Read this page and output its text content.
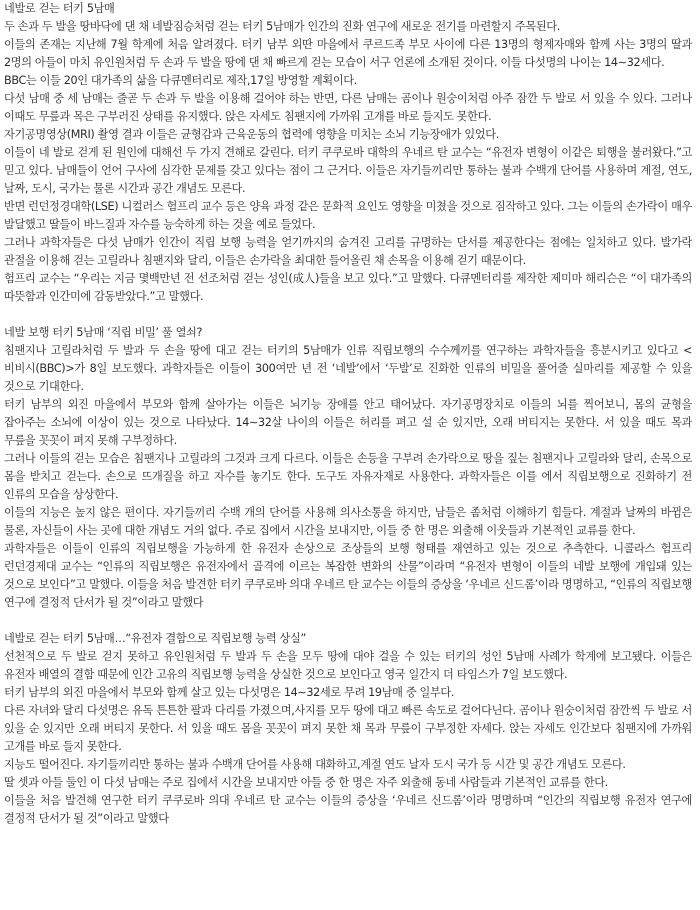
네발로 걷는 터키 5남매

두 손과 두 발을 땅바닥에 댄 채 네발짐승처럼 걷는 터키 5남매가 인간의 진화 연구에 새로운 전기를 마련할지 주목된다.

이들의 존재는 지난해 7월 학계에 처음 알려졌다. 터키 남부 외딴 마을에서 쿠르드족 부모 사이에 다른 13명의 형제자매와 함께 사는 3명의 딸과 2명의 아들이 마치 유인원처럼 두 손과 두 발을 땅에 댄 채 빠르게 걷는 모습이 서구 언론에 소개된 것이다. 이들 다섯명의 나이는 14∼32세다.

BBC는 이들 20인 대가족의 삶을 다큐멘터리로 제작,17일 방영할 계획이다.

다섯 남매 중 세 남매는 줄곧 두 손과 두 발을 이용해 걸어야 하는 반면, 다른 남매는 곰이나 원숭이처럼 아주 잠깐 두 발로 서 있을 수 있다. 그러나 이때도 무릎과 목은 구부러진 상태를 유지했다. 앉은 자세도 침팬지에 가까워 고개를 바로 들지도 못한다.

자기공명영상(MRI) 촬영 결과 이들은 균형감과 근육운동의 협력에 영향을 미치는 소뇌 기능장애가 있었다.

이들이 네 발로 걷게 된 원인에 대해선 두 가지 견해로 갈린다. 터키 쿠쿠로바 대학의 우네르 탄 교수는 “유전자 변형이 이같은 퇴행을 불러왔다.”고 믿고 있다. 남매들이 언어 구사에 심각한 문제를 갖고 있다는 점이 그 근거다. 이들은 자기들끼리만 통하는 불과 수백개 단어를 사용하며 계절, 연도, 날짜, 도시, 국가는 물론 시간과 공간 개념도 모른다.

반면 런던정경대학(LSE) 니컬러스 험프리 교수 등은 양육 과정 같은 문화적 요인도 영향을 미쳤을 것으로 짐작하고 있다. 그는 이들의 손가락이 매우 발달했고 딸들이 바느질과 자수를 능숙하게 하는 것을 예로 들었다.

그러나 과학자들은 다섯 남매가 인간이 직립 보행 능력을 얻기까지의 숨겨진 고리를 규명하는 단서를 제공한다는 점에는 일치하고 있다. 발가락 관절을 이용해 걷는 고릴라나 침팬지와 달리, 이들은 손가락을 최대한 들어올린 채 손목을 이용해 걷기 때문이다.

험프리 교수는 “우리는 지금 몇백만년 전 선조처럼 걷는 성인(成人)들을 보고 있다.”고 말했다. 다큐멘터리를 제작한 제미마 해리슨은 “이 대가족의 따뜻함과 인간미에 감동받았다.”고 말했다.

네발 보행 터키 5남매 ‘직립 비밀’ 풀 열쇠?

침팬지나 고릴라처럼 두 발과 두 손을 땅에 대고 걷는 터키의 5남매가 인류 직립보행의 수수께끼를 연구하는 과학자들을 흥분시키고 있다고 <비비시(BBC)>가 8일 보도했다. 과학자들은 이들이 300여만 년 전 ‘네발’에서 ‘두발’로 진화한 인류의 비밀을 풀어줄 실마리를 제공할 수 있을 것으로 기대한다.

터키 남부의 외진 마을에서 부모와 함께 살아가는 이들은 뇌기능 장애를 안고 태어났다. 자기공명장치로 이들의 뇌를 찍어보니, 몸의 균형을 잡아주는 소뇌에 이상이 있는 것으로 나타났다. 14∼32살 나이의 이들은 허리를 펴고 설 순 있지만, 오래 버티지는 못한다. 서 있을 때도 목과 무릎을 꼿꼿이 펴지 못해 구부정하다.

그러나 이들의 걷는 모습은 침팬지나 고릴라의 그것과 크게 다르다. 이들은 손등을 구부려 손가락으로 땅을 짚는 침팬지나 고릴라와 달리, 손목으로 몸을 받치고 걷는다. 손으로 뜨개질을 하고 자수를 놓기도 한다. 도구도 자유자재로 사용한다. 과학자들은 이를 에서 직립보행으로 진화하기 전 인류의 모습을 상상한다.

이들의 지능은 높지 않은 편이다. 자기들끼리 수백 개의 단어를 사용해 의사소통을 하지만, 남들은 좀처럼 이해하기 힘들다. 계절과 날짜의 바뀜은 물론, 자신들이 사는 곳에 대한 개념도 거의 없다. 주로 집에서 시간을 보내지만, 이들 중 한 명은 외출해 이웃들과 기본적인 교류를 한다.

과학자들은 이들이 인류의 직립보행을 가능하게 한 유전자 손상으로 조상들의 보행 형태를 재연하고 있는 것으로 추측한다. 니콜라스 험프리 런던경제대 교수는 “인류의 직립보행은 유전자에서 골격에 이르는 복잡한 변화의 산물”이라며 “유전자 변형이 이들의 네발 보행에 개입돼 있는 것으로 보인다”고 말했다. 이들을 처음 발견한 터키 쿠쿠로바 의대 우네르 탄 교수는 이들의 증상을 ‘우네르 신드롬’이라 명명하고, “인류의 직립보행 연구에 결정적 단서가 될 것”이라고 말했다

네발로 걷는 터키 5남매…“유전자 결함으로 직립보행 능력 상실”

선천적으로 두 발로 걷지 못하고 유인원처럼 두 발과 두 손을 모두 땅에 대야 걸을 수 있는 터키의 성인 5남매 사례가 학계에 보고됐다. 이들은 유전자 배열의 결함 때문에 인간 고유의 직립보행 능력을 상실한 것으로 보인다고 영국 일간지 더 타임스가 7일 보도했다.

터키 남부의 외진 마을에서 부모와 함께 살고 있는 다섯명은 14∼32세로 무려 19남매 중 일부다.

다른 자녀와 달리 다섯명은 유독 튼튼한 팔과 다리를 가졌으며,사지를 모두 땅에 대고 빠른 속도로 걸어다닌다. 곰이나 원숭이처럼 잠깐씩 두 발로 서 있을 순 있지만 오래 버티지 못한다. 서 있을 때도 몸을 꼿꼿이 펴지 못한 채 목과 무릎이 구부정한 자세다. 앉는 자세도 인간보다 침팬지에 가까워 고개를 바로 들지 못한다.

지능도 떨어진다. 자기들끼리만 통하는 불과 수백개 단어를 사용해 대화하고,계절 연도 날자 도시 국가 등 시간 및 공간 개념도 모른다.

딸 셋과 아들 둘인 이 다섯 남매는 주로 집에서 시간을 보내지만 아들 중 한 명은 자주 외출해 동네 사람들과 기본적인 교류를 한다.

이들을 처음 발견해 연구한 터키 쿠쿠로바 의대 우네르 탄 교수는 이들의 증상을 ‘우네르 신드롬’이라 명명하며 “인간의 직립보행 유전자 연구에 결정적 단서가 될 것”이라고 말했다
